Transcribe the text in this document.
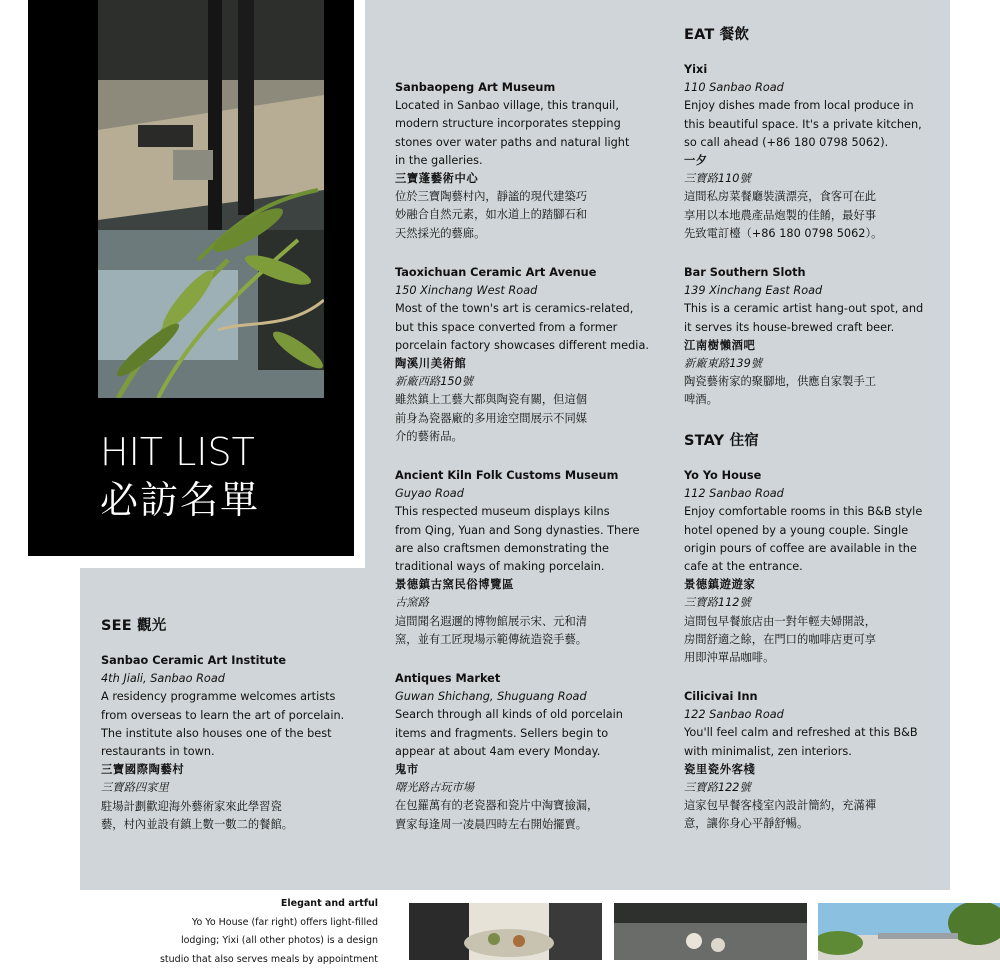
HIT LIST
必訪名單
SEE 觀光
Sanbao Ceramic Art Institute
4th Jiali, Sanbao Road
A residency programme welcomes artists
from overseas to learn the art of porcelain.
The institute also houses one of the best
restaurants in town.
三寶國際陶藝村
三寶路四家里
駐場計劃歡迎海外藝術家來此學習瓷
藝，村內並設有鎮上數一數二的餐館。
Sanbaopeng Art Museum
Located in Sanbao village, this tranquil,
modern structure incorporates stepping
stones over water paths and natural light
in the galleries.
三寶蓬藝術中心
位於三寶陶藝村內，靜謐的現代建築巧
妙融合自然元素，如水道上的踏腳石和
天然採光的藝廊。
Taoxichuan Ceramic Art Avenue
150 Xinchang West Road
Most of the town's art is ceramics-related,
but this space converted from a former
porcelain factory showcases different media.
陶溪川美術館
新廠西路150號
雖然鎮上工藝大都與陶瓷有關，但這個
前身為瓷器廠的多用途空間展示不同媒
介的藝術品。
Ancient Kiln Folk Customs Museum
Guyao Road
This respected museum displays kilns
from Qing, Yuan and Song dynasties. There
are also craftsmen demonstrating the
traditional ways of making porcelain.
景德鎮古窯民俗博覽區
古窯路
這間聞名遐邇的博物館展示宋、元和清
窯，並有工匠現場示範傳統造瓷手藝。
Antiques Market
Guwan Shichang, Shuguang Road
Search through all kinds of old porcelain
items and fragments. Sellers begin to
appear at about 4am every Monday.
鬼市
曙光路古玩市場
在包羅萬有的老瓷器和瓷片中淘寶撿漏，
賣家每逢周一凌晨四時左右開始擺賣。
EAT 餐飲
Yixi
110 Sanbao Road
Enjoy dishes made from local produce in
this beautiful space. It's a private kitchen,
so call ahead (+86 180 0798 5062).
一夕
三寶路110號
這間私房菜餐廳裝潢漂亮，食客可在此
享用以本地農產品炮製的佳餚，最好事
先致電訂檯（+86 180 0798 5062）。
Bar Southern Sloth
139 Xinchang East Road
This is a ceramic artist hang-out spot, and
it serves its house-brewed craft beer.
江南樹懶酒吧
新廠東路139號
陶瓷藝術家的聚腳地，供應自家製手工
啤酒。
STAY 住宿
Yo Yo House
112 Sanbao Road
Enjoy comfortable rooms in this B&B style
hotel opened by a young couple. Single
origin pours of coffee are available in the
cafe at the entrance.
景德鎮遊遊家
三寶路112號
這間包早餐旅店由一對年輕夫婦開設，
房間舒適之餘，在門口的咖啡店更可享
用即沖單品咖啡。
Cilicivai Inn
122 Sanbao Road
You'll feel calm and refreshed at this B&B
with minimalist, zen interiors.
瓷里瓷外客棧
三寶路122號
這家包早餐客棧室內設計簡約，充滿禪
意，讓你身心平靜舒暢。
Elegant and artful
Yo Yo House (far right) offers light-filled
lodging; Yixi (all other photos) is a design
studio that also serves meals by appointment
